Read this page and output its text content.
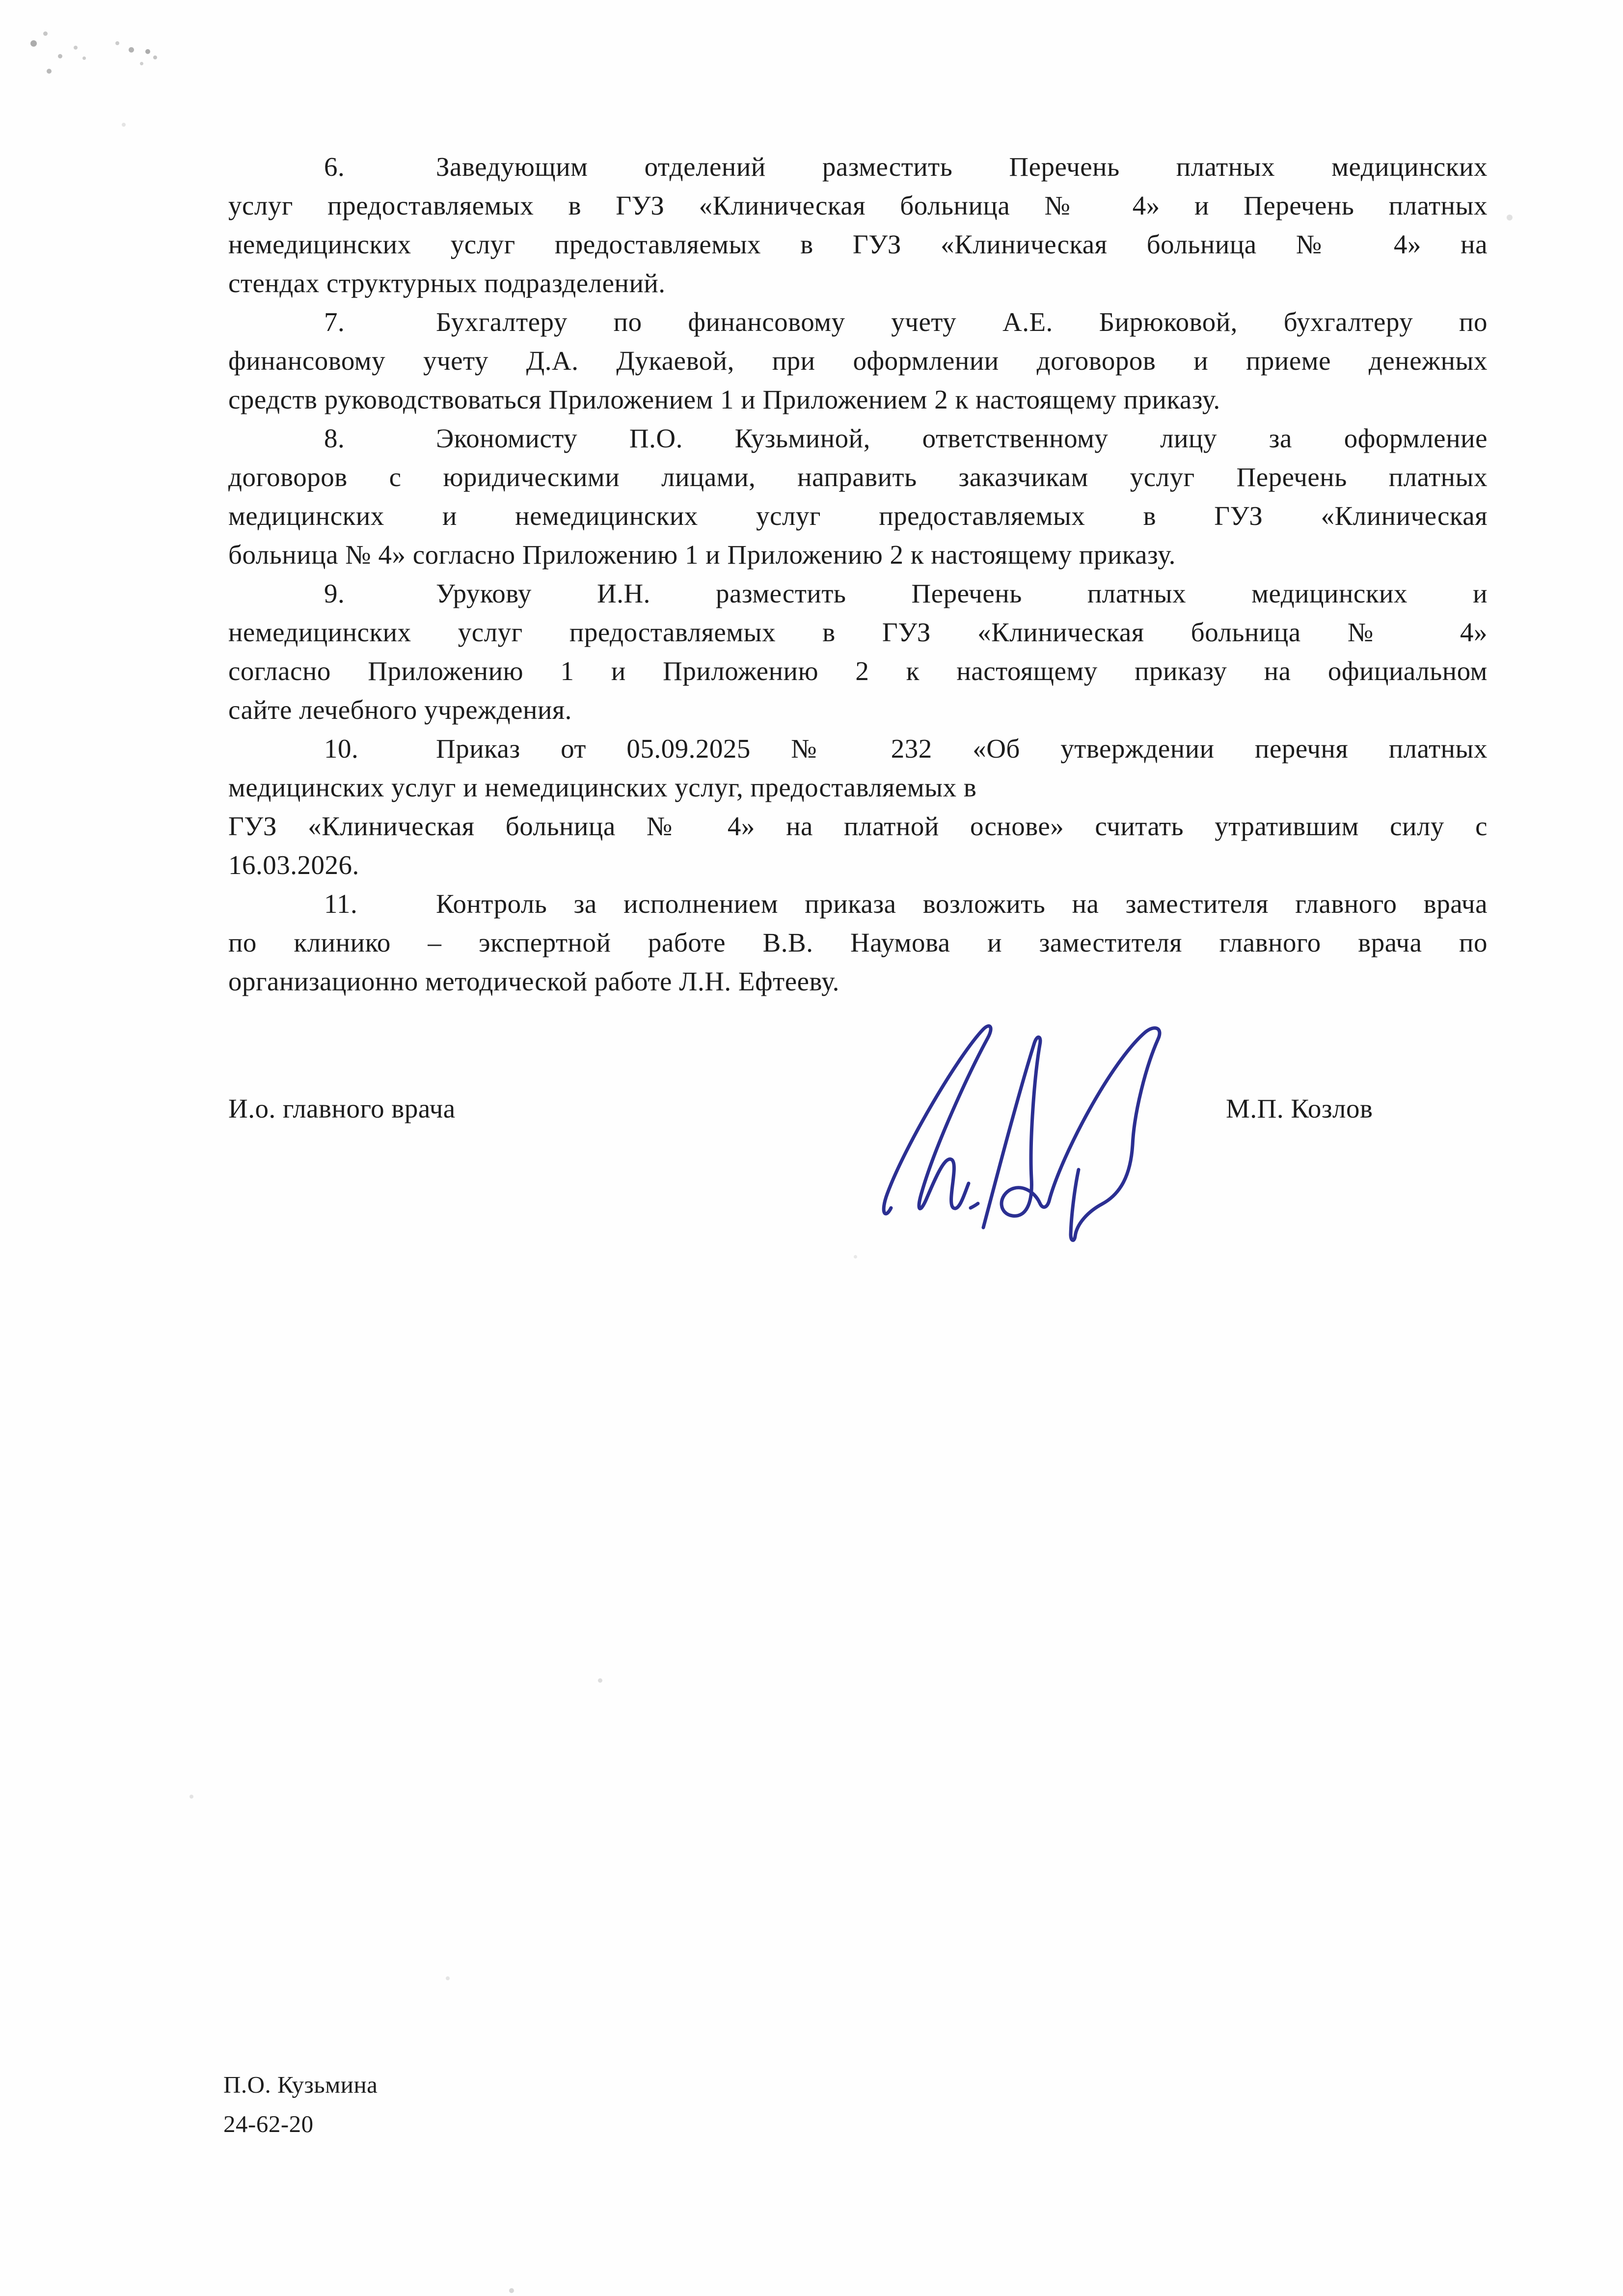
6.	Заведующим отделений разместить Перечень платных медицинских
услуг предоставляемых в ГУЗ «Клиническая больница № 4» и Перечень платных
немедицинских услуг предоставляемых в ГУЗ «Клиническая больница № 4» на
стендах структурных подразделений.
7.	Бухгалтеру по финансовому учету А.Е. Бирюковой, бухгалтеру по
финансовому учету Д.А. Дукаевой, при оформлении договоров и приеме денежных
средств руководствоваться Приложением 1 и Приложением 2 к настоящему приказу.
8.	Экономисту П.О. Кузьминой, ответственному лицу за оформление
договоров с юридическими лицами, направить заказчикам услуг Перечень платных
медицинских и немедицинских услуг предоставляемых в ГУЗ «Клиническая
больница № 4» согласно Приложению 1 и Приложению 2 к настоящему приказу.
9.	Урукову И.Н. разместить Перечень платных медицинских и
немедицинских услуг предоставляемых в ГУЗ «Клиническая больница № 4»
согласно Приложению 1 и Приложению 2 к настоящему приказу на официальном
сайте лечебного учреждения.
10.	Приказ от 05.09.2025 № 232 «Об утверждении перечня платных
медицинских услуг и немедицинских услуг, предоставляемых в
ГУЗ «Клиническая больница № 4» на платной основе» считать утратившим силу с
16.03.2026.
11.	Контроль за исполнением приказа возложить на заместителя главного врача
по клинико – экспертной работе В.В. Наумова и заместителя главного врача по
организационно методической работе Л.Н. Ефтееву.
И.о. главного врача	М.П. Козлов
П.О. Кузьмина
24-62-20
